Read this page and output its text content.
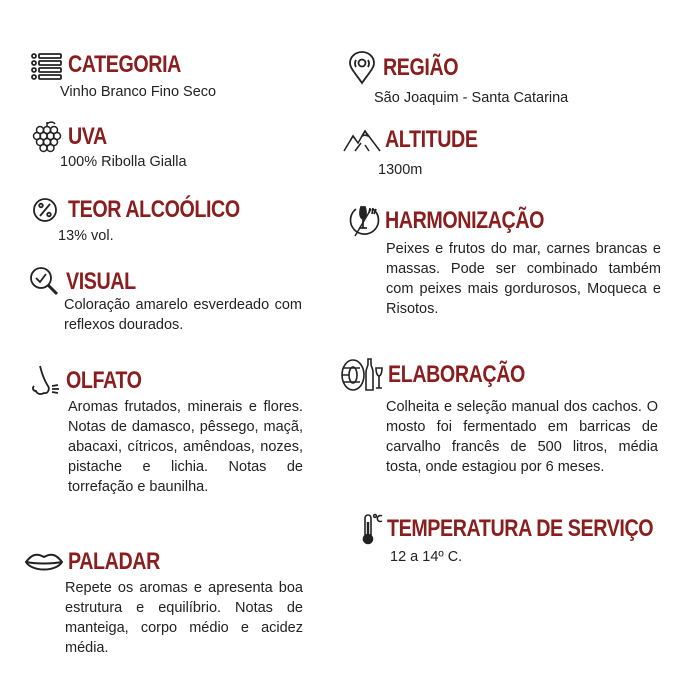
CATEGORIA
Vinho Branco Fino Seco
UVA
100% Ribolla Gialla
TEOR ALCOÓLICO
13% vol.
VISUAL
Coloração amarelo esverdeado com reflexos dourados.
OLFATO
Aromas frutados, minerais e flores. Notas de damasco, pêssego, maçã, abacaxi, cítricos, amêndoas, nozes, pistache e lichia. Notas de torrefação e baunilha.
PALADAR
Repete os aromas e apresenta boa estrutura e equilíbrio. Notas de manteiga, corpo médio e acidez média.
REGIÃO
São Joaquim - Santa Catarina
ALTITUDE
1300m
HARMONIZAÇÃO
Peixes e frutos do mar, carnes brancas e massas. Pode ser combinado também com peixes mais gordurosos, Moqueca e Risotos.
ELABORAÇÃO
Colheita e seleção manual dos cachos. O mosto foi fermentado em barricas de carvalho francês de 500 litros, média tosta, onde estagiou por 6 meses.
TEMPERATURA DE SERVIÇO
12 a 14º C.
